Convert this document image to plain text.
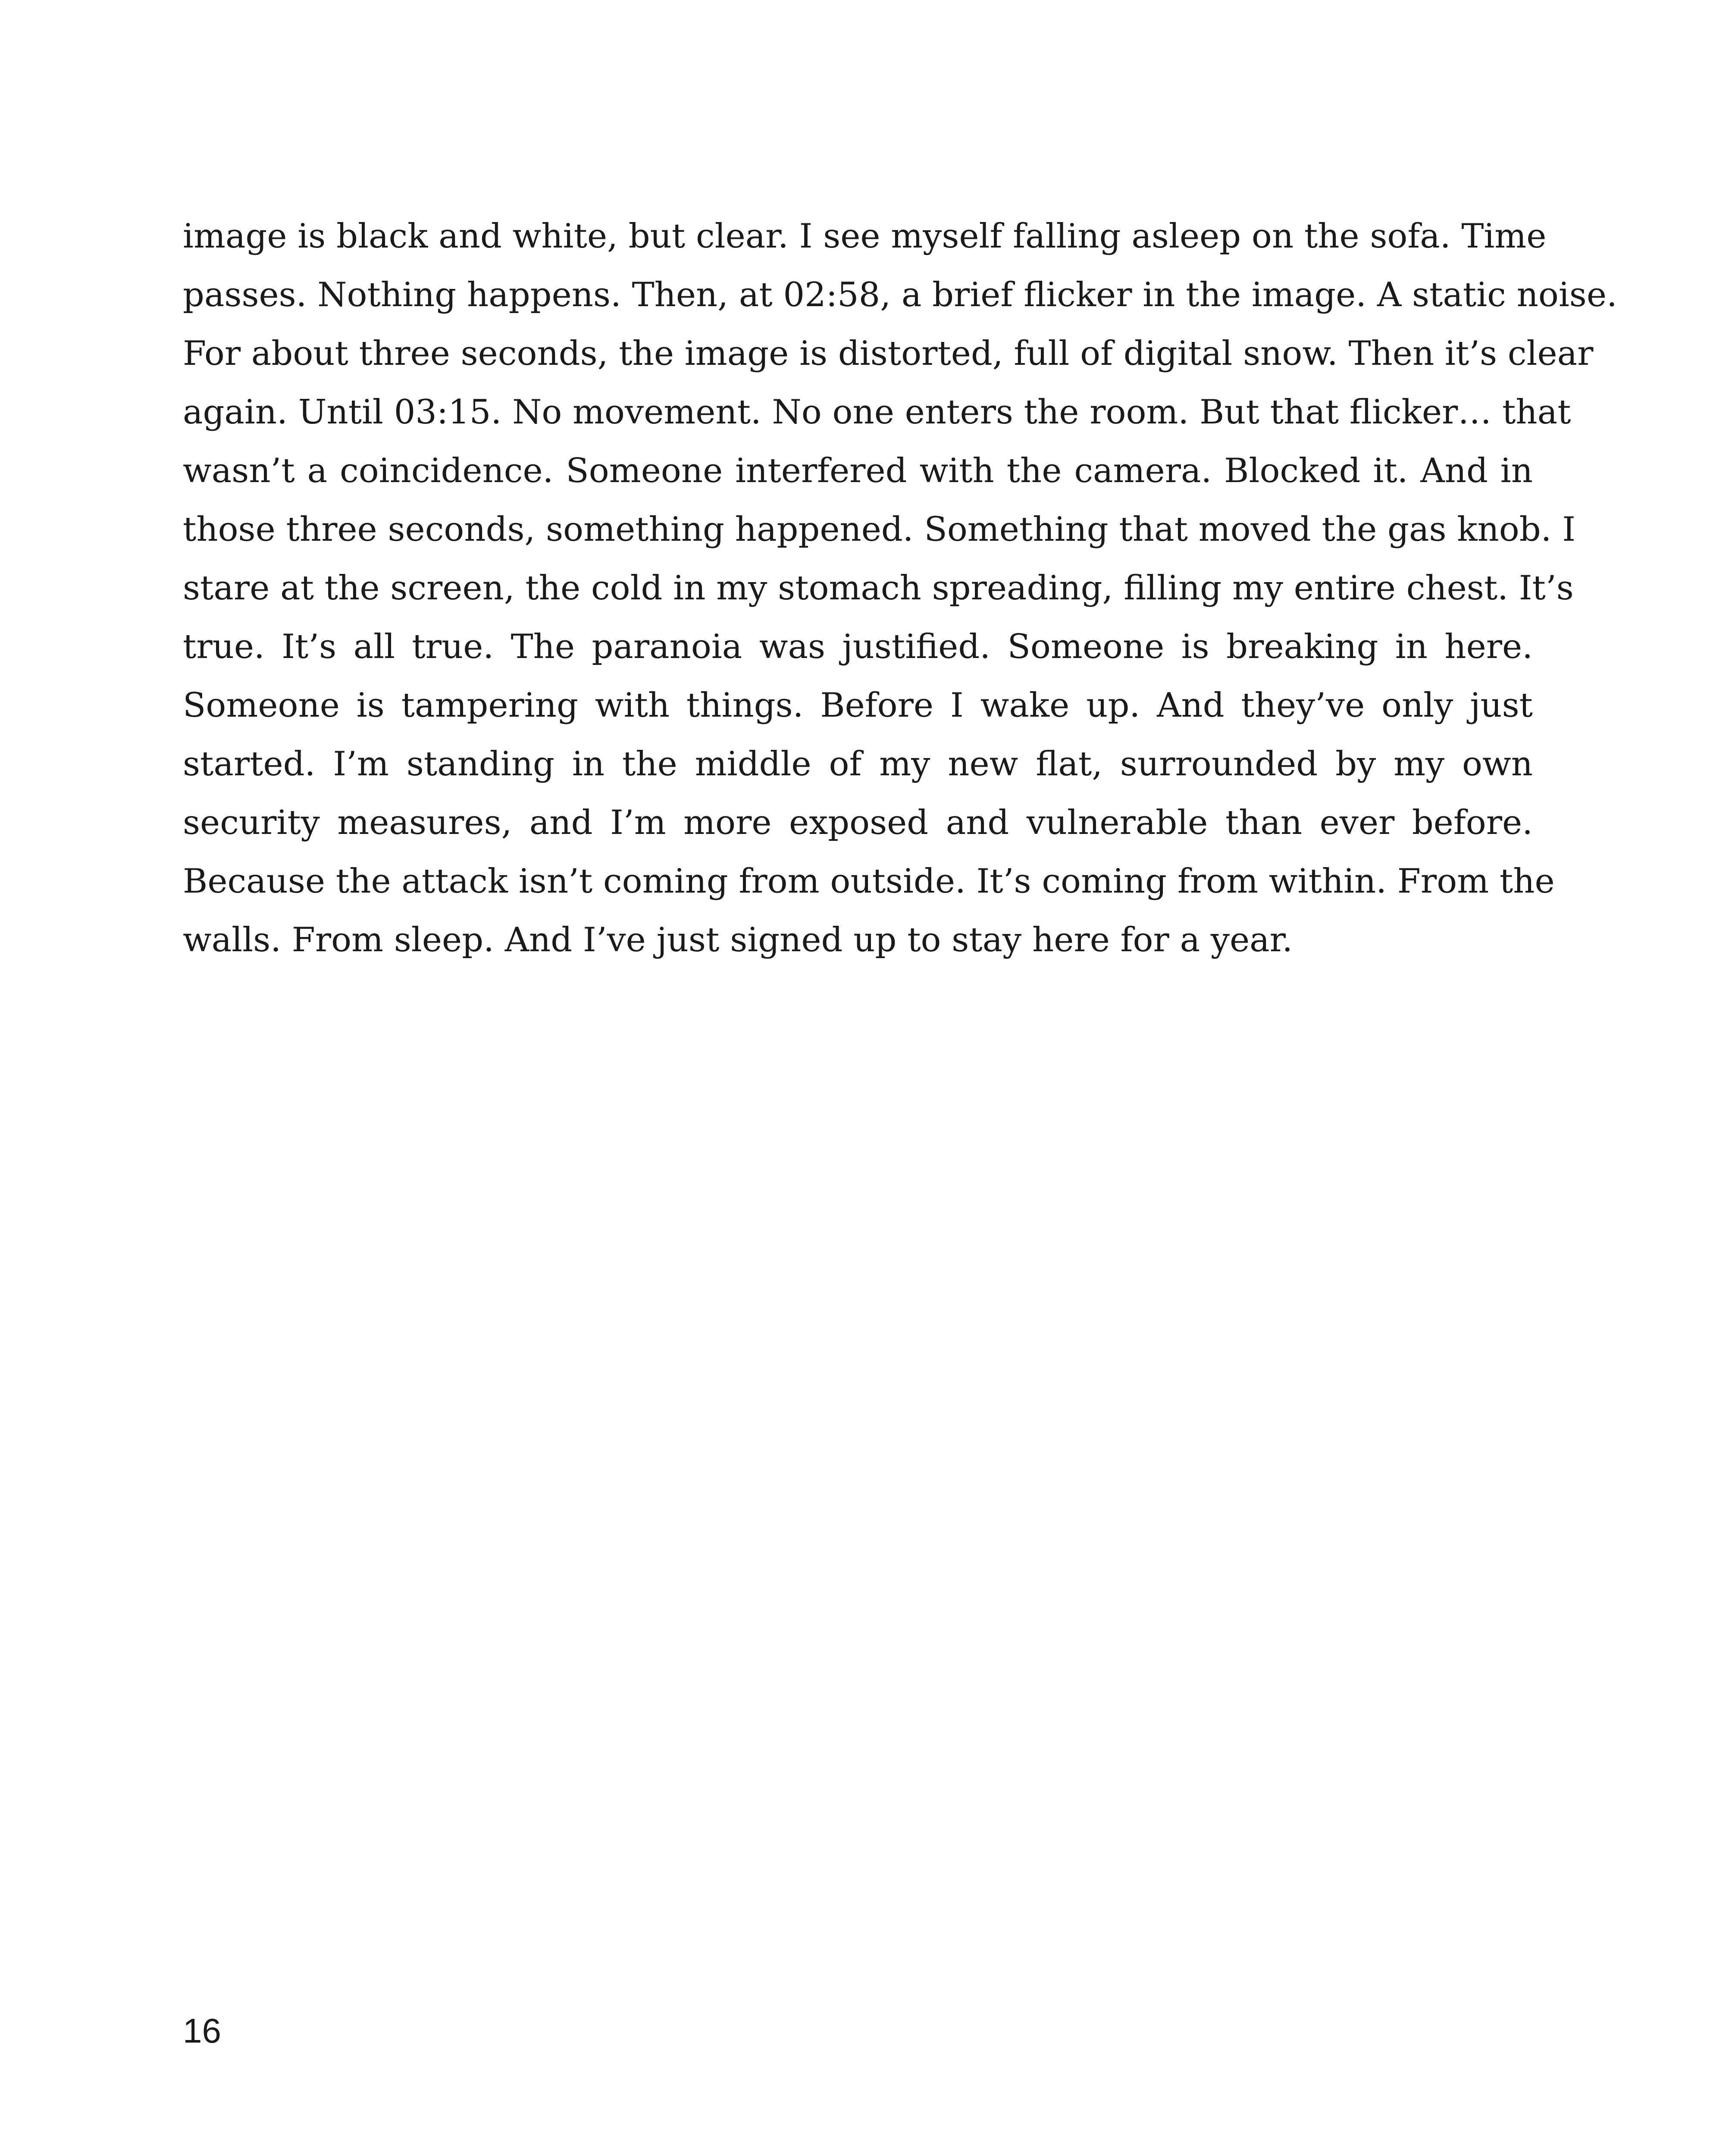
image is black and white, but clear. I see myself falling asleep on the sofa. Time
passes. Nothing happens. Then, at 02:58, a brief flicker in the image. A static noise.
For about three seconds, the image is distorted, full of digital snow. Then it’s clear
again. Until 03:15. No movement. No one enters the room. But that flicker… that
wasn’t a coincidence. Someone interfered with the camera. Blocked it. And in
those three seconds, something happened. Something that moved the gas knob. I
stare at the screen, the cold in my stomach spreading, filling my entire chest. It’s
true. It’s all true. The paranoia was justified. Someone is breaking in here.
Someone is tampering with things. Before I wake up. And they’ve only just
started. I’m standing in the middle of my new flat, surrounded by my own
security measures, and I’m more exposed and vulnerable than ever before.
Because the attack isn’t coming from outside. It’s coming from within. From the
walls. From sleep. And I’ve just signed up to stay here for a year.
16
